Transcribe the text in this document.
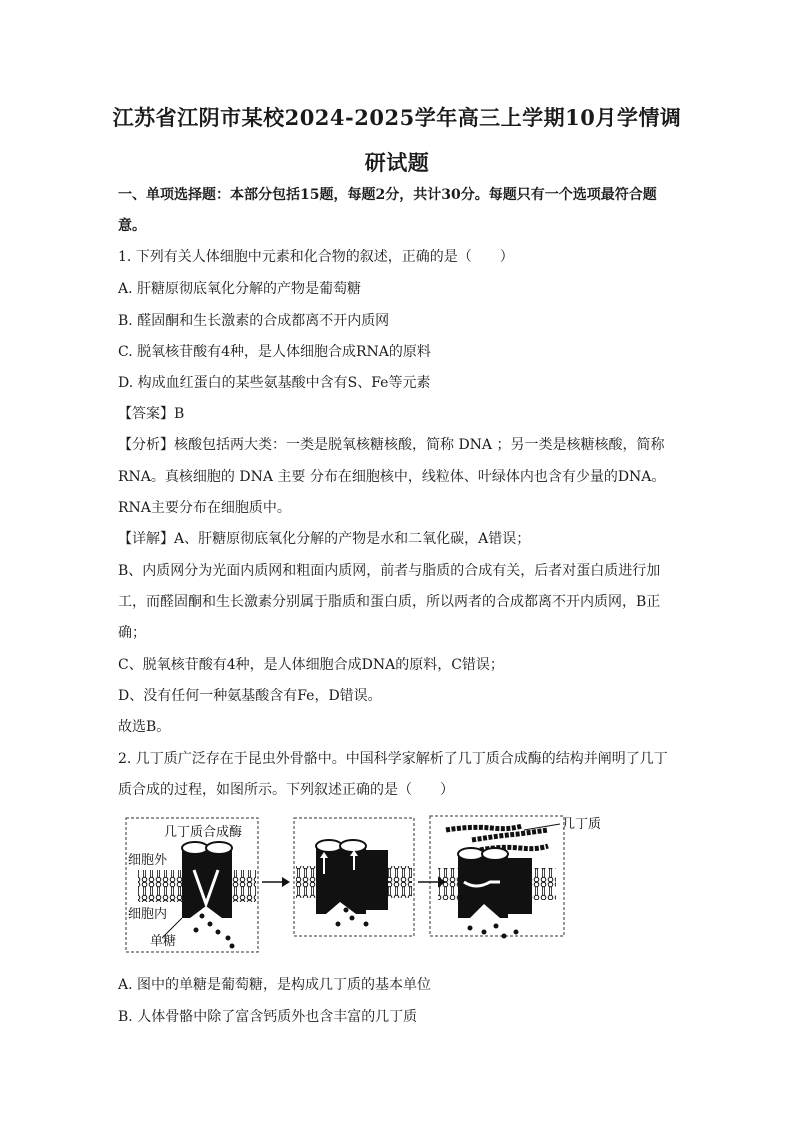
江苏省江阴市某校2024-2025学年高三上学期10月学情调
研试题
一、单项选择题：本部分包括15题，每题2分，共计30分。每题只有一个选项最符合题
意。
1. 下列有关人体细胞中元素和化合物的叙述，正确的是（　　）
A. 肝糖原彻底氧化分解的产物是葡萄糖
B. 醛固酮和生长激素的合成都离不开内质网
C. 脱氧核苷酸有4种，是人体细胞合成RNA的原料
D. 构成血红蛋白的某些氨基酸中含有S、Fe等元素
【答案】B
【分析】核酸包括两大类：一类是脱氧核糖核酸，简称 DNA ；另一类是核糖核酸，简称
RNA。真核细胞的 DNA 主要 分布在细胞核中，线粒体、叶绿体内也含有少量的DNA。
RNA主要分布在细胞质中。
【详解】A、肝糖原彻底氧化分解的产物是水和二氧化碳，A错误；
B、内质网分为光面内质网和粗面内质网，前者与脂质的合成有关，后者对蛋白质进行加
工，而醛固酮和生长激素分别属于脂质和蛋白质，所以两者的合成都离不开内质网，B正
确；
C、脱氧核苷酸有4种，是人体细胞合成DNA的原料，C错误；
D、没有任何一种氨基酸含有Fe，D错误。
故选B。
2. 几丁质广泛存在于昆虫外骨骼中。中国科学家解析了几丁质合成酶的结构并阐明了几丁
质合成的过程，如图所示。下列叙述正确的是（　　）
几丁质合成酶
细胞外
细胞内
单糖
几丁质
A. 图中的单糖是葡萄糖，是构成几丁质的基本单位
B. 人体骨骼中除了富含钙质外也含丰富的几丁质
